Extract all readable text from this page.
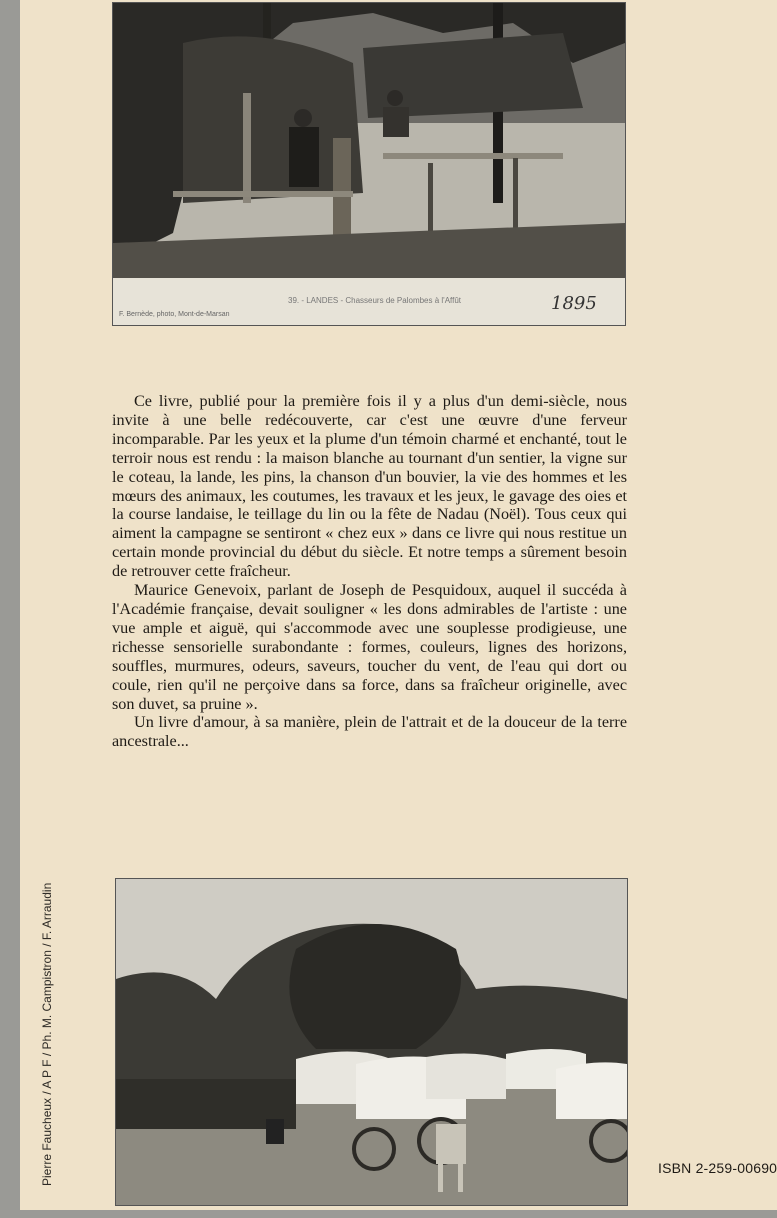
F. Bernède, photo, Mont-de-Marsan
39. - LANDES - Chasseurs de Palombes à l'Affût	1895

Ce livre, publié pour la première fois il y a plus d'un demi-siècle, nous invite à une belle redécouverte, car c'est une œuvre d'une ferveur incomparable. Par les yeux et la plume d'un témoin charmé et enchanté, tout le terroir nous est rendu : la maison blanche au tournant d'un sentier, la vigne sur le coteau, la lande, les pins, la chanson d'un bouvier, la vie des hommes et les mœurs des animaux, les coutumes, les travaux et les jeux, le gavage des oies et la course landaise, le teillage du lin ou la fête de Nadau (Noël). Tous ceux qui aiment la campagne se sentiront « chez eux » dans ce livre qui nous restitue un certain monde provincial du début du siècle. Et notre temps a sûrement besoin de retrouver cette fraîcheur.

Maurice Genevoix, parlant de Joseph de Pesquidoux, auquel il succéda à l'Académie française, devait souligner « les dons admirables de l'artiste : une vue ample et aiguë, qui s'accommode avec une souplesse prodigieuse, une richesse sensorielle surabondante : formes, couleurs, lignes des horizons, souffles, murmures, odeurs, saveurs, toucher du vent, de l'eau qui dort ou coule, rien qu'il ne perçoive dans sa force, dans sa fraîcheur originelle, avec son duvet, sa pruine ».

Un livre d'amour, à sa manière, plein de l'attrait et de la douceur de la terre ancestrale...

Pierre Faucheux / A P F / Ph. M. Campistron / F. Arraudin	ISBN 2-259-00690
